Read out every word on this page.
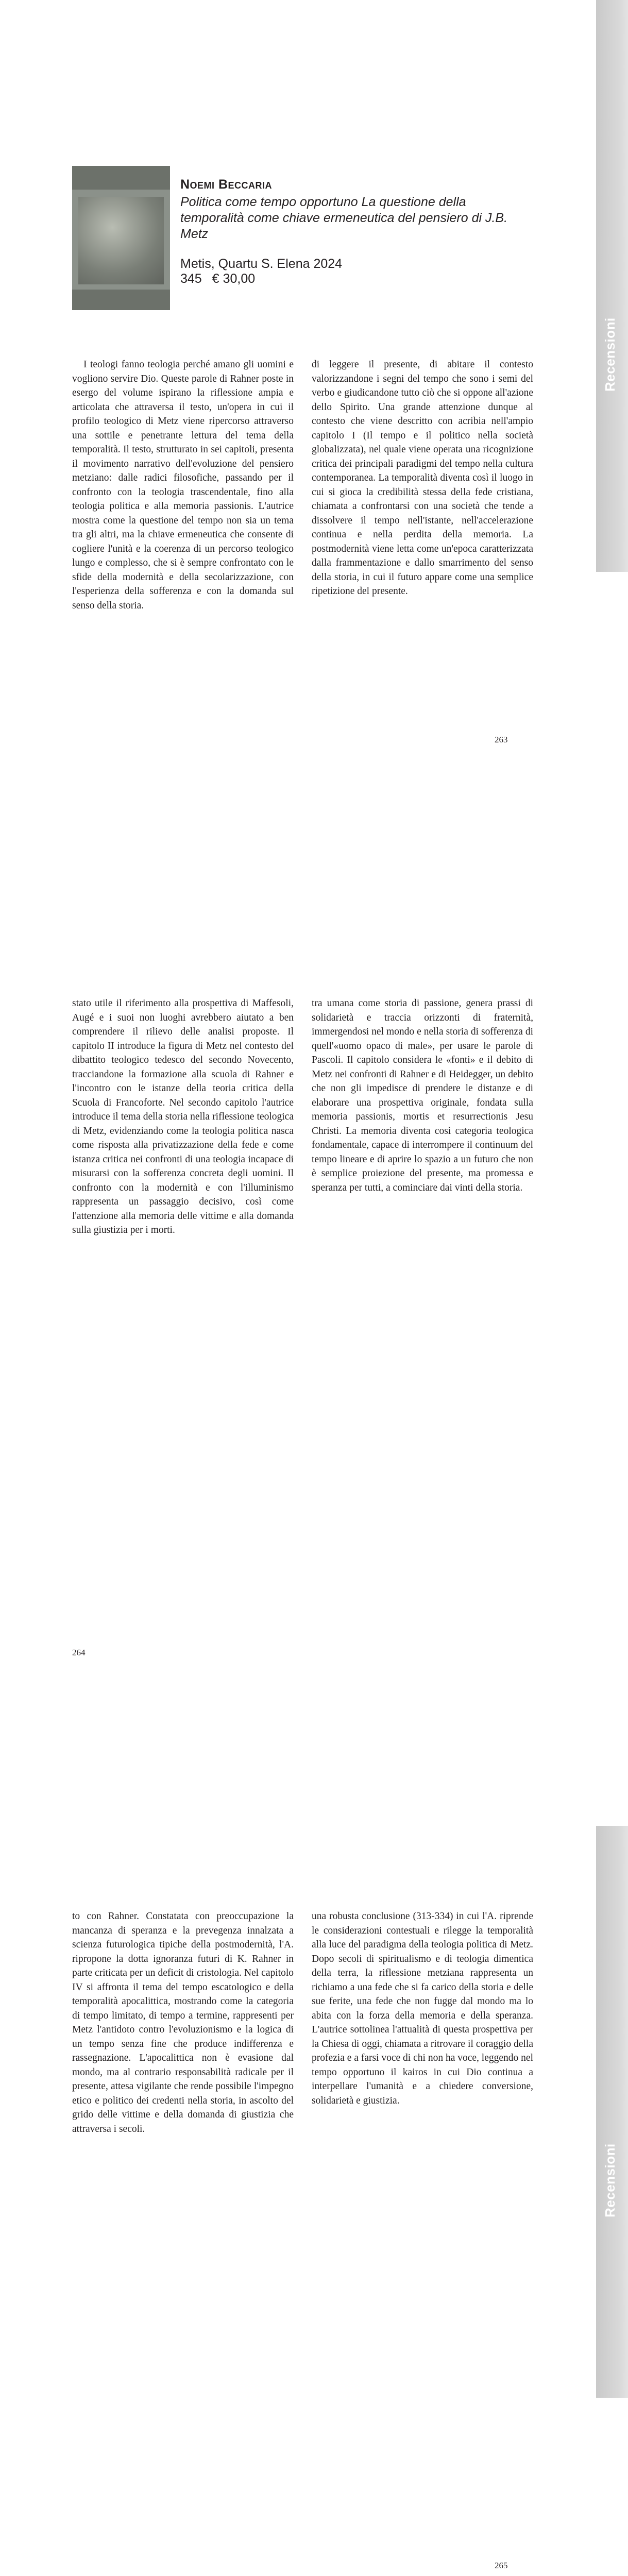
Recensioni

Noemi Beccaria

Politica come tempo opportuno La questione della temporalità come chiave ermeneutica del pensiero di J.B. Metz

Metis, Quartu S. Elena 2024

345 € 30,00

I teologi fanno teologia perché amano gli uomini e vogliono servire Dio. Queste parole di Rahner poste in esergo del volume ispirano la riflessione ampia e articolata che attraversa il testo, un'opera in cui il profilo teologico di Metz viene ripercorso attraverso una sottile e penetrante lettura del tema della temporalità. Il testo, strutturato in sei capitoli, presenta il movimento narrativo dell'evoluzione del pensiero metziano: dalle radici filosofiche, passando per il confronto con la teologia trascendentale, fino alla teologia politica e alla memoria passionis. L'autrice mostra come la questione del tempo non sia un tema tra gli altri, ma la chiave ermeneutica che consente di cogliere l'unità e la coerenza di un percorso teologico lungo e complesso, che si è sempre confrontato con le sfide della modernità e della secolarizzazione, con l'esperienza della sofferenza e con la domanda sul senso della storia.

di leggere il presente, di abitare il contesto valorizzandone i segni del tempo che sono i semi del verbo e giudicandone tutto ciò che si oppone all'azione dello Spirito. Una grande attenzione dunque al contesto che viene descritto con acribia nell'ampio capitolo I (Il tempo e il politico nella società globalizzata), nel quale viene operata una ricognizione critica dei principali paradigmi del tempo nella cultura contemporanea. La temporalità diventa così il luogo in cui si gioca la credibilità stessa della fede cristiana, chiamata a confrontarsi con una società che tende a dissolvere il tempo nell'istante, nell'accelerazione continua e nella perdita della memoria. La postmodernità viene letta come un'epoca caratterizzata dalla frammentazione e dallo smarrimento del senso della storia, in cui il futuro appare come una semplice ripetizione del presente.

263

stato utile il riferimento alla prospettiva di Maffesoli, Augé e i suoi non luoghi avrebbero aiutato a ben comprendere il rilievo delle analisi proposte. Il capitolo II introduce la figura di Metz nel contesto del dibattito teologico tedesco del secondo Novecento, tracciandone la formazione alla scuola di Rahner e l'incontro con le istanze della teoria critica della Scuola di Francoforte. Nel secondo capitolo l'autrice introduce il tema della storia nella riflessione teologica di Metz, evidenziando come la teologia politica nasca come risposta alla privatizzazione della fede e come istanza critica nei confronti di una teologia incapace di misurarsi con la sofferenza concreta degli uomini. Il confronto con la modernità e con l'illuminismo rappresenta un passaggio decisivo, così come l'attenzione alla memoria delle vittime e alla domanda sulla giustizia per i morti.

tra umana come storia di passione, genera prassi di solidarietà e traccia orizzonti di fraternità, immergendosi nel mondo e nella storia di sofferenza di quell'«uomo opaco di male», per usare le parole di Pascoli. Il capitolo considera le «fonti» e il debito di Metz nei confronti di Rahner e di Heidegger, un debito che non gli impedisce di prendere le distanze e di elaborare una prospettiva originale, fondata sulla memoria passionis, mortis et resurrectionis Jesu Christi. La memoria diventa così categoria teologica fondamentale, capace di interrompere il continuum del tempo lineare e di aprire lo spazio a un futuro che non è semplice proiezione del presente, ma promessa e speranza per tutti, a cominciare dai vinti della storia.

264
Recensioni

to con Rahner. Constatata con preoccupazione la mancanza di speranza e la prevegenza innalzata a scienza futurologica tipiche della postmodernità, l'A. ripropone la dotta ignoranza futuri di K. Rahner in parte criticata per un deficit di cristologia. Nel capitolo IV si affronta il tema del tempo escatologico e della temporalità apocalittica, mostrando come la categoria di tempo limitato, di tempo a termine, rappresenti per Metz l'antidoto contro l'evoluzionismo e la logica di un tempo senza fine che produce indifferenza e rassegnazione. L'apocalittica non è evasione dal mondo, ma al contrario responsabilità radicale per il presente, attesa vigilante che rende possibile l'impegno etico e politico dei credenti nella storia, in ascolto del grido delle vittime e della domanda di giustizia che attraversa i secoli.

una robusta conclusione (313-334) in cui l'A. riprende le considerazioni contestuali e rilegge la temporalità alla luce del paradigma della teologia politica di Metz. Dopo secoli di spiritualismo e di teologia dimentica della terra, la riflessione metziana rappresenta un richiamo a una fede che si fa carico della storia e delle sue ferite, una fede che non fugge dal mondo ma lo abita con la forza della memoria e della speranza. L'autrice sottolinea l'attualità di questa prospettiva per la Chiesa di oggi, chiamata a ritrovare il coraggio della profezia e a farsi voce di chi non ha voce, leggendo nel tempo opportuno il kairos in cui Dio continua a interpellare l'umanità e a chiedere conversione, solidarietà e giustizia.

265
